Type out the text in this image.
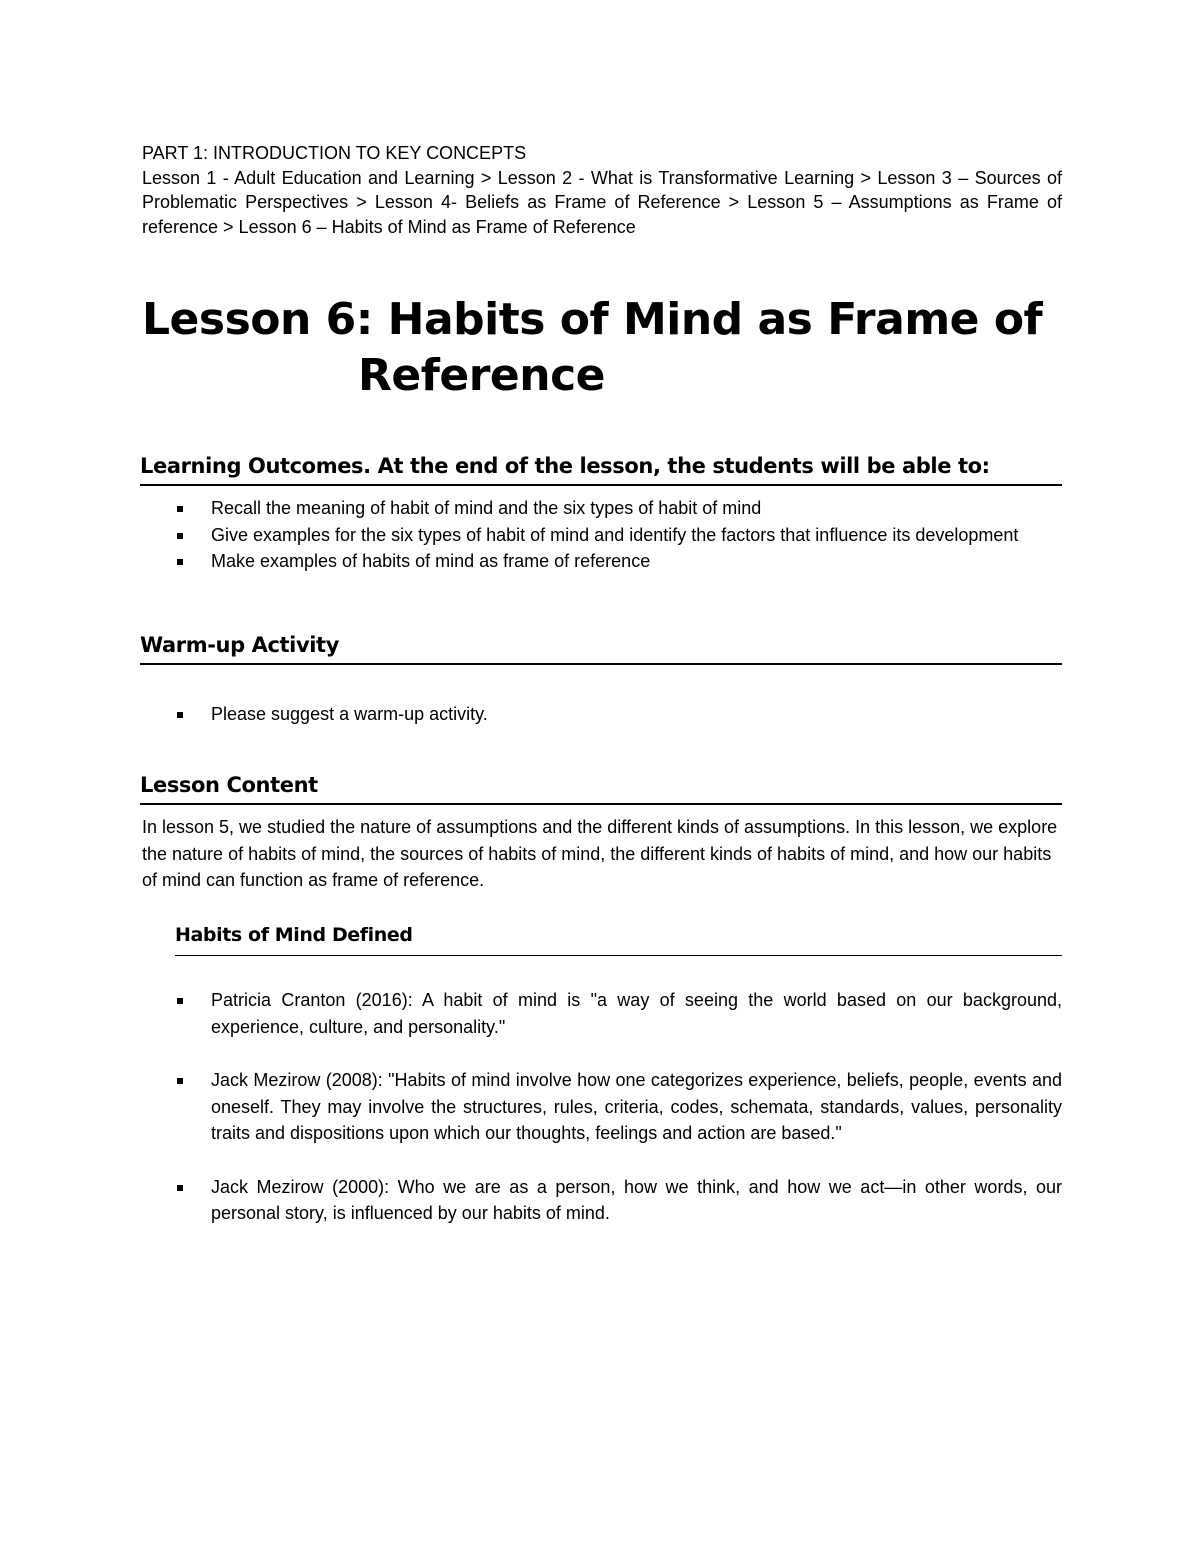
PART 1: INTRODUCTION TO KEY CONCEPTS
Lesson 1 - Adult Education and Learning > Lesson 2 - What is Transformative Learning > Lesson 3 – Sources of Problematic Perspectives > Lesson 4- Beliefs as Frame of Reference > Lesson 5 – Assumptions as Frame of reference > Lesson 6 – Habits of Mind as Frame of Reference
Lesson 6: Habits of Mind as Frame of
Reference
Learning Outcomes. At the end of the lesson, the students will be able to:
Recall the meaning of habit of mind and the six types of habit of mind
Give examples for the six types of habit of mind and identify the factors that influence its development
Make examples of habits of mind as frame of reference
Warm-up Activity
Please suggest a warm-up activity.
Lesson Content

In lesson 5, we studied the nature of assumptions and the different kinds of assumptions. In this lesson, we explore the nature of habits of mind, the sources of habits of mind, the different kinds of habits of mind, and how our habits of mind can function as frame of reference.

Habits of Mind Defined
Patricia Cranton (2016): A habit of mind is "a way of seeing the world based on our background, experience, culture, and personality."
Jack Mezirow (2008): "Habits of mind involve how one categorizes experience, beliefs, people, events and oneself. They may involve the structures, rules, criteria, codes, schemata, standards, values, personality traits and dispositions upon which our thoughts, feelings and action are based."
Jack Mezirow (2000): Who we are as a person, how we think, and how we act—in other words, our personal story, is influenced by our habits of mind.
